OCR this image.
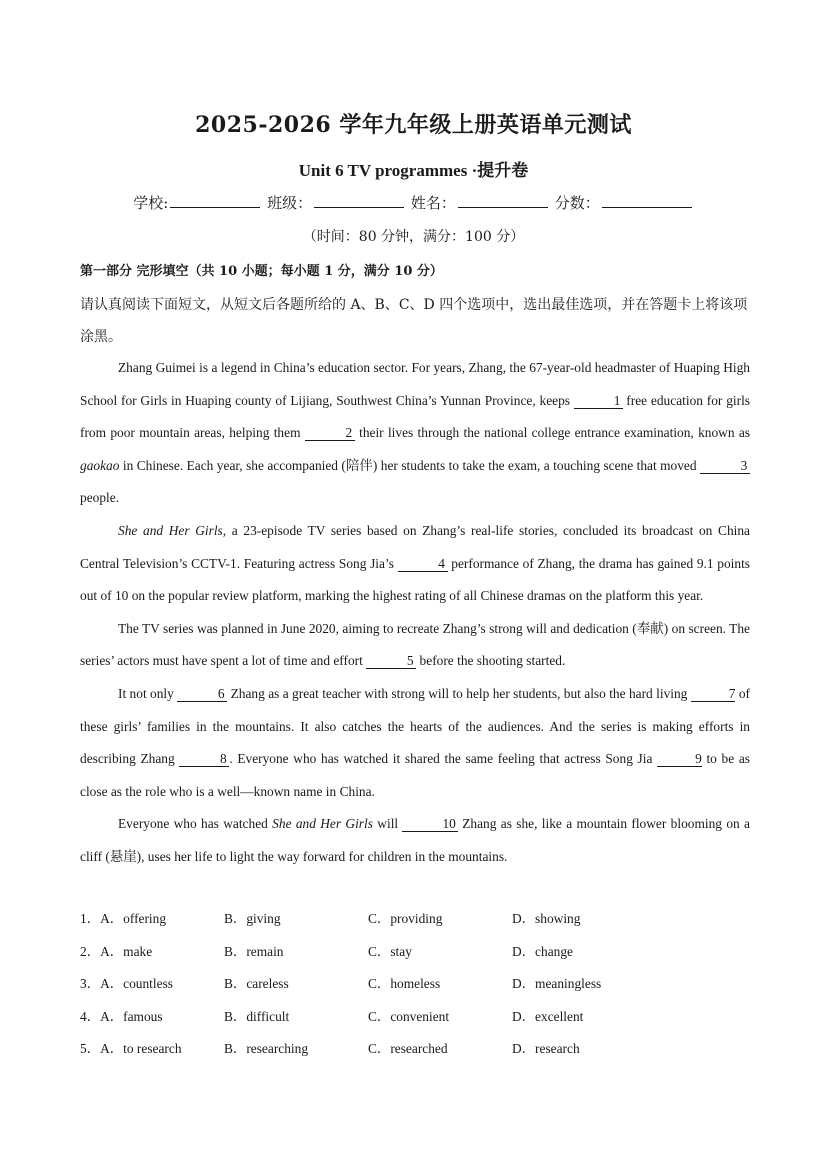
2025-2026 学年九年级上册英语单元测试
Unit 6 TV programmes ·提升卷
学校:	班级：	姓名：	分数：
（时间：80 分钟，满分：100 分）
第一部分 完形填空（共 10 小题；每小题 1 分，满分 10 分）
请认真阅读下面短文，从短文后各题所给的 A、B、C、D 四个选项中，选出最佳选项，并在答题卡上将该项涂黑。

Zhang Guimei is a legend in China’s education sector. For years, Zhang, the 67-year-old headmaster of Huaping High School for Girls in Huaping county of Lijiang, Southwest China’s Yunnan Province, keeps	1 free education for girls from poor mountain areas, helping them	2 their lives through the national college entrance examination, known as gaokao in Chinese. Each year, she accompanied (陪伴) her students to take the exam, a touching scene that moved	3 people.

She and Her Girls, a 23-episode TV series based on Zhang’s real-life stories, concluded its broadcast on China Central Television’s CCTV-1. Featuring actress Song Jia’s	4 performance of Zhang, the drama has gained 9.1 points out of 10 on the popular review platform, marking the highest rating of all Chinese dramas on the platform this year.

The TV series was planned in June 2020, aiming to recreate Zhang’s strong will and dedication (奉献) on screen. The series’ actors must have spent a lot of time and effort	5 before the shooting started.

It not only	6 Zhang as a great teacher with strong will to help her students, but also the hard living	7 of these girls’ families in the mountains. It also catches the hearts of the audiences. And the series is making efforts in describing Zhang	8 . Everyone who has watched it shared the same feeling that actress Song Jia	9 to be as close as the role who is a well—known name in China.

Everyone who has watched She and Her Girls will	10 Zhang as she, like a mountain flower blooming on a cliff (悬崖), uses her life to light the way forward for children in the mountains.

1．A．offering	B．giving	C．providing	D．showing
2．A．make	B．remain	C．stay	D．change
3．A．countless	B．careless	C．homeless	D．meaningless
4．A．famous	B．difficult	C．convenient	D．excellent
5．A．to research	B．researching	C．researched	D．research
